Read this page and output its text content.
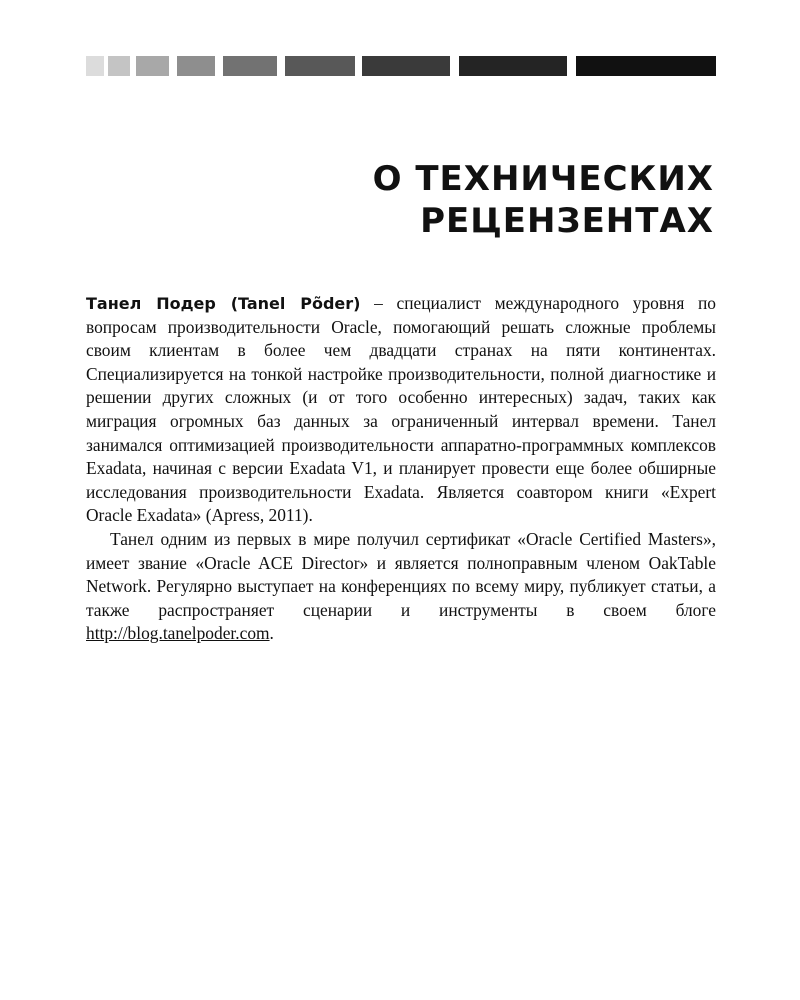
О ТЕХНИЧЕСКИХ
РЕЦЕНЗЕНТАХ

Танел Подер (Tanel Põder) – специалист международного уровня по вопросам производительности Oracle, помогающий решать сложные проблемы своим клиентам в более чем двадцати странах на пяти континентах. Специализируется на тонкой настройке производительности, полной диагностике и решении других сложных (и от того особенно интересных) задач, таких как миграция огромных баз данных за ограниченный интервал времени. Танел занимался оптимизацией производительности аппаратно-программных комплексов Exadata, начиная с версии Exadata V1, и планирует провести еще более обширные исследования производительности Exadata. Является соавтором книги «Expert Oracle Exadata» (Apress, 2011).

Танел одним из первых в мире получил сертификат «Oracle Certified Masters», имеет звание «Oracle ACE Director» и является полноправным членом OakTable Network. Регулярно выступает на конференциях по всему миру, публикует статьи, а также распространяет сценарии и инструменты в своем блоге http://blog.tanelpoder.com.
